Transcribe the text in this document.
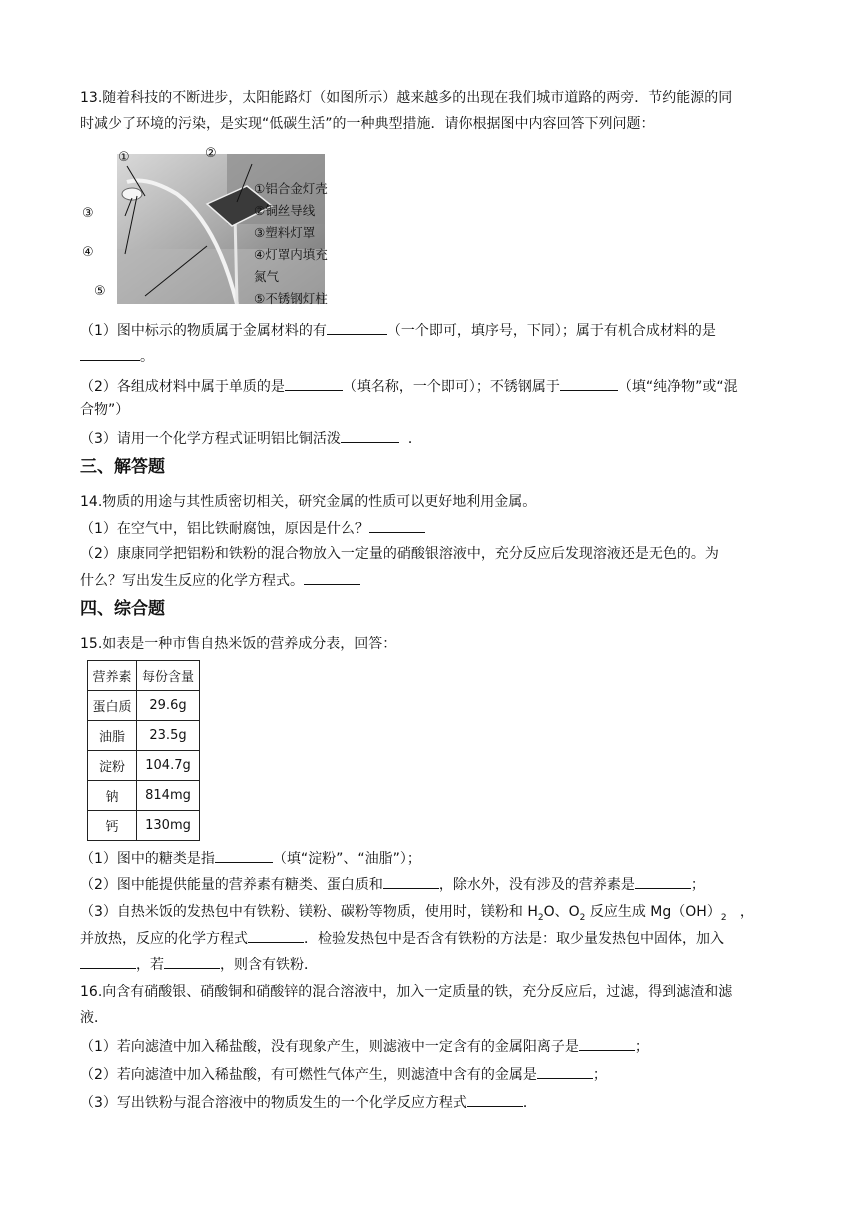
13.随着科技的不断进步，太阳能路灯（如图所示）越来越多的出现在我们城市道路的两旁．节约能源的同
时减少了环境的污染，是实现“低碳生活”的一种典型措施．请你根据图中内容回答下列问题：
①	②
③
④
⑤
①铝合金灯壳
②铜丝导线
③塑料灯罩
④灯罩内填充
氮气
⑤不锈钢灯柱
（1）图中标示的物质属于金属材料的有	（一个即可，填序号，下同）；属于有机合成材料的是
。
（2）各组成材料中属于单质的是	（填名称，一个即可）；不锈钢属于	（填“纯净物”或“混
合物”）
（3）请用一个化学方程式证明铝比铜活泼	．
三、解答题
14.物质的用途与其性质密切相关，研究金属的性质可以更好地利用金属。
（1）在空气中，铝比铁耐腐蚀，原因是什么？
（2）康康同学把铝粉和铁粉的混合物放入一定量的硝酸银溶液中，充分反应后发现溶液还是无色的。为
什么？写出发生反应的化学方程式。
四、综合题
15.如表是一种市售自热米饭的营养成分表，回答：
营养素	每份含量
蛋白质	29.6g
油脂	23.5g
淀粉	104.7g
钠	814mg
钙	130mg
（1）图中的糖类是指	（填“淀粉”、“油脂”）；
（2）图中能提供能量的营养素有糖类、蛋白质和	，除水外，没有涉及的营养素是	；
（3）自热米饭的发热包中有铁粉、镁粉、碳粉等物质，使用时，镁粉和 $H_2O$、$O_2$ 反应生成 $Mg(OH)_2$ ，
并放热，反应的化学方程式	．检验发热包中是否含有铁粉的方法是：取少量发热包中固体，加入
，若	，则含有铁粉．
16.向含有硝酸银、硝酸铜和硝酸锌的混合溶液中，加入一定质量的铁，充分反应后，过滤，得到滤渣和滤
液．
（1）若向滤渣中加入稀盐酸，没有现象产生，则滤液中一定含有的金属阳离子是	；
（2）若向滤渣中加入稀盐酸，有可燃性气体产生，则滤渣中含有的金属是	；
（3）写出铁粉与混合溶液中的物质发生的一个化学反应方程式	．
